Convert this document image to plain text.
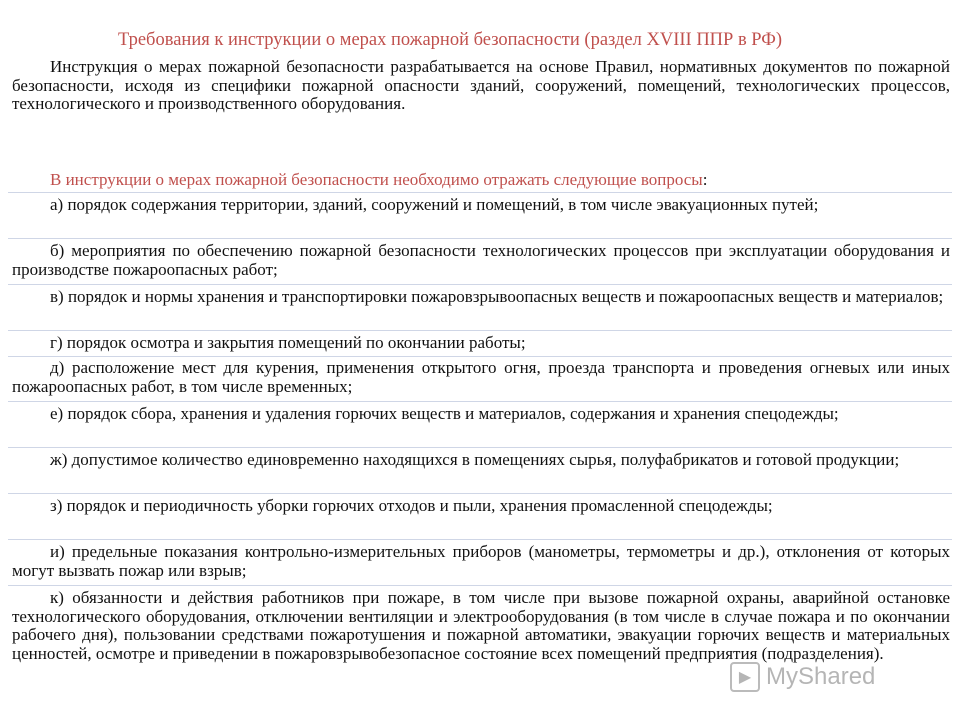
Требования к инструкции о мерах пожарной безопасности (раздел XVIII ППР в РФ)
Инструкция о мерах пожарной безопасности разрабатывается на основе Правил, нормативных документов по пожарной безопасности, исходя из специфики пожарной опасности зданий, сооружений, помещений, технологических процессов, технологического и производственного оборудования.
В инструкции о мерах пожарной безопасности необходимо отражать следующие вопросы:
а) порядок содержания территории, зданий, сооружений и помещений, в том числе эвакуационных путей;
б) мероприятия по обеспечению пожарной безопасности технологических процессов при эксплуатации оборудования и производстве пожароопасных работ;
в) порядок и нормы хранения и транспортировки пожаровзрывоопасных веществ и пожароопасных веществ и материалов;
г) порядок осмотра и закрытия помещений по окончании работы;
д) расположение мест для курения, применения открытого огня, проезда транспорта и проведения огневых или иных пожароопасных работ, в том числе временных;
е) порядок сбора, хранения и удаления горючих веществ и материалов, содержания и хранения спецодежды;
ж) допустимое количество единовременно находящихся в помещениях сырья, полуфабрикатов и готовой продукции;
з) порядок и периодичность уборки горючих отходов и пыли, хранения промасленной спецодежды;
и) предельные показания контрольно-измерительных приборов (манометры, термометры и др.), отклонения от которых могут вызвать пожар или взрыв;
к) обязанности и действия работников при пожаре, в том числе при вызове пожарной охраны, аварийной остановке технологического оборудования, отключении вентиляции и электрооборудования (в том числе в случае пожара и по окончании рабочего дня), пользовании средствами пожаротушения и пожарной автоматики, эвакуации горючих веществ и материальных ценностей, осмотре и приведении в пожаровзрывобезопасное состояние всех помещений предприятия (подразделения).
▶ MyShared
